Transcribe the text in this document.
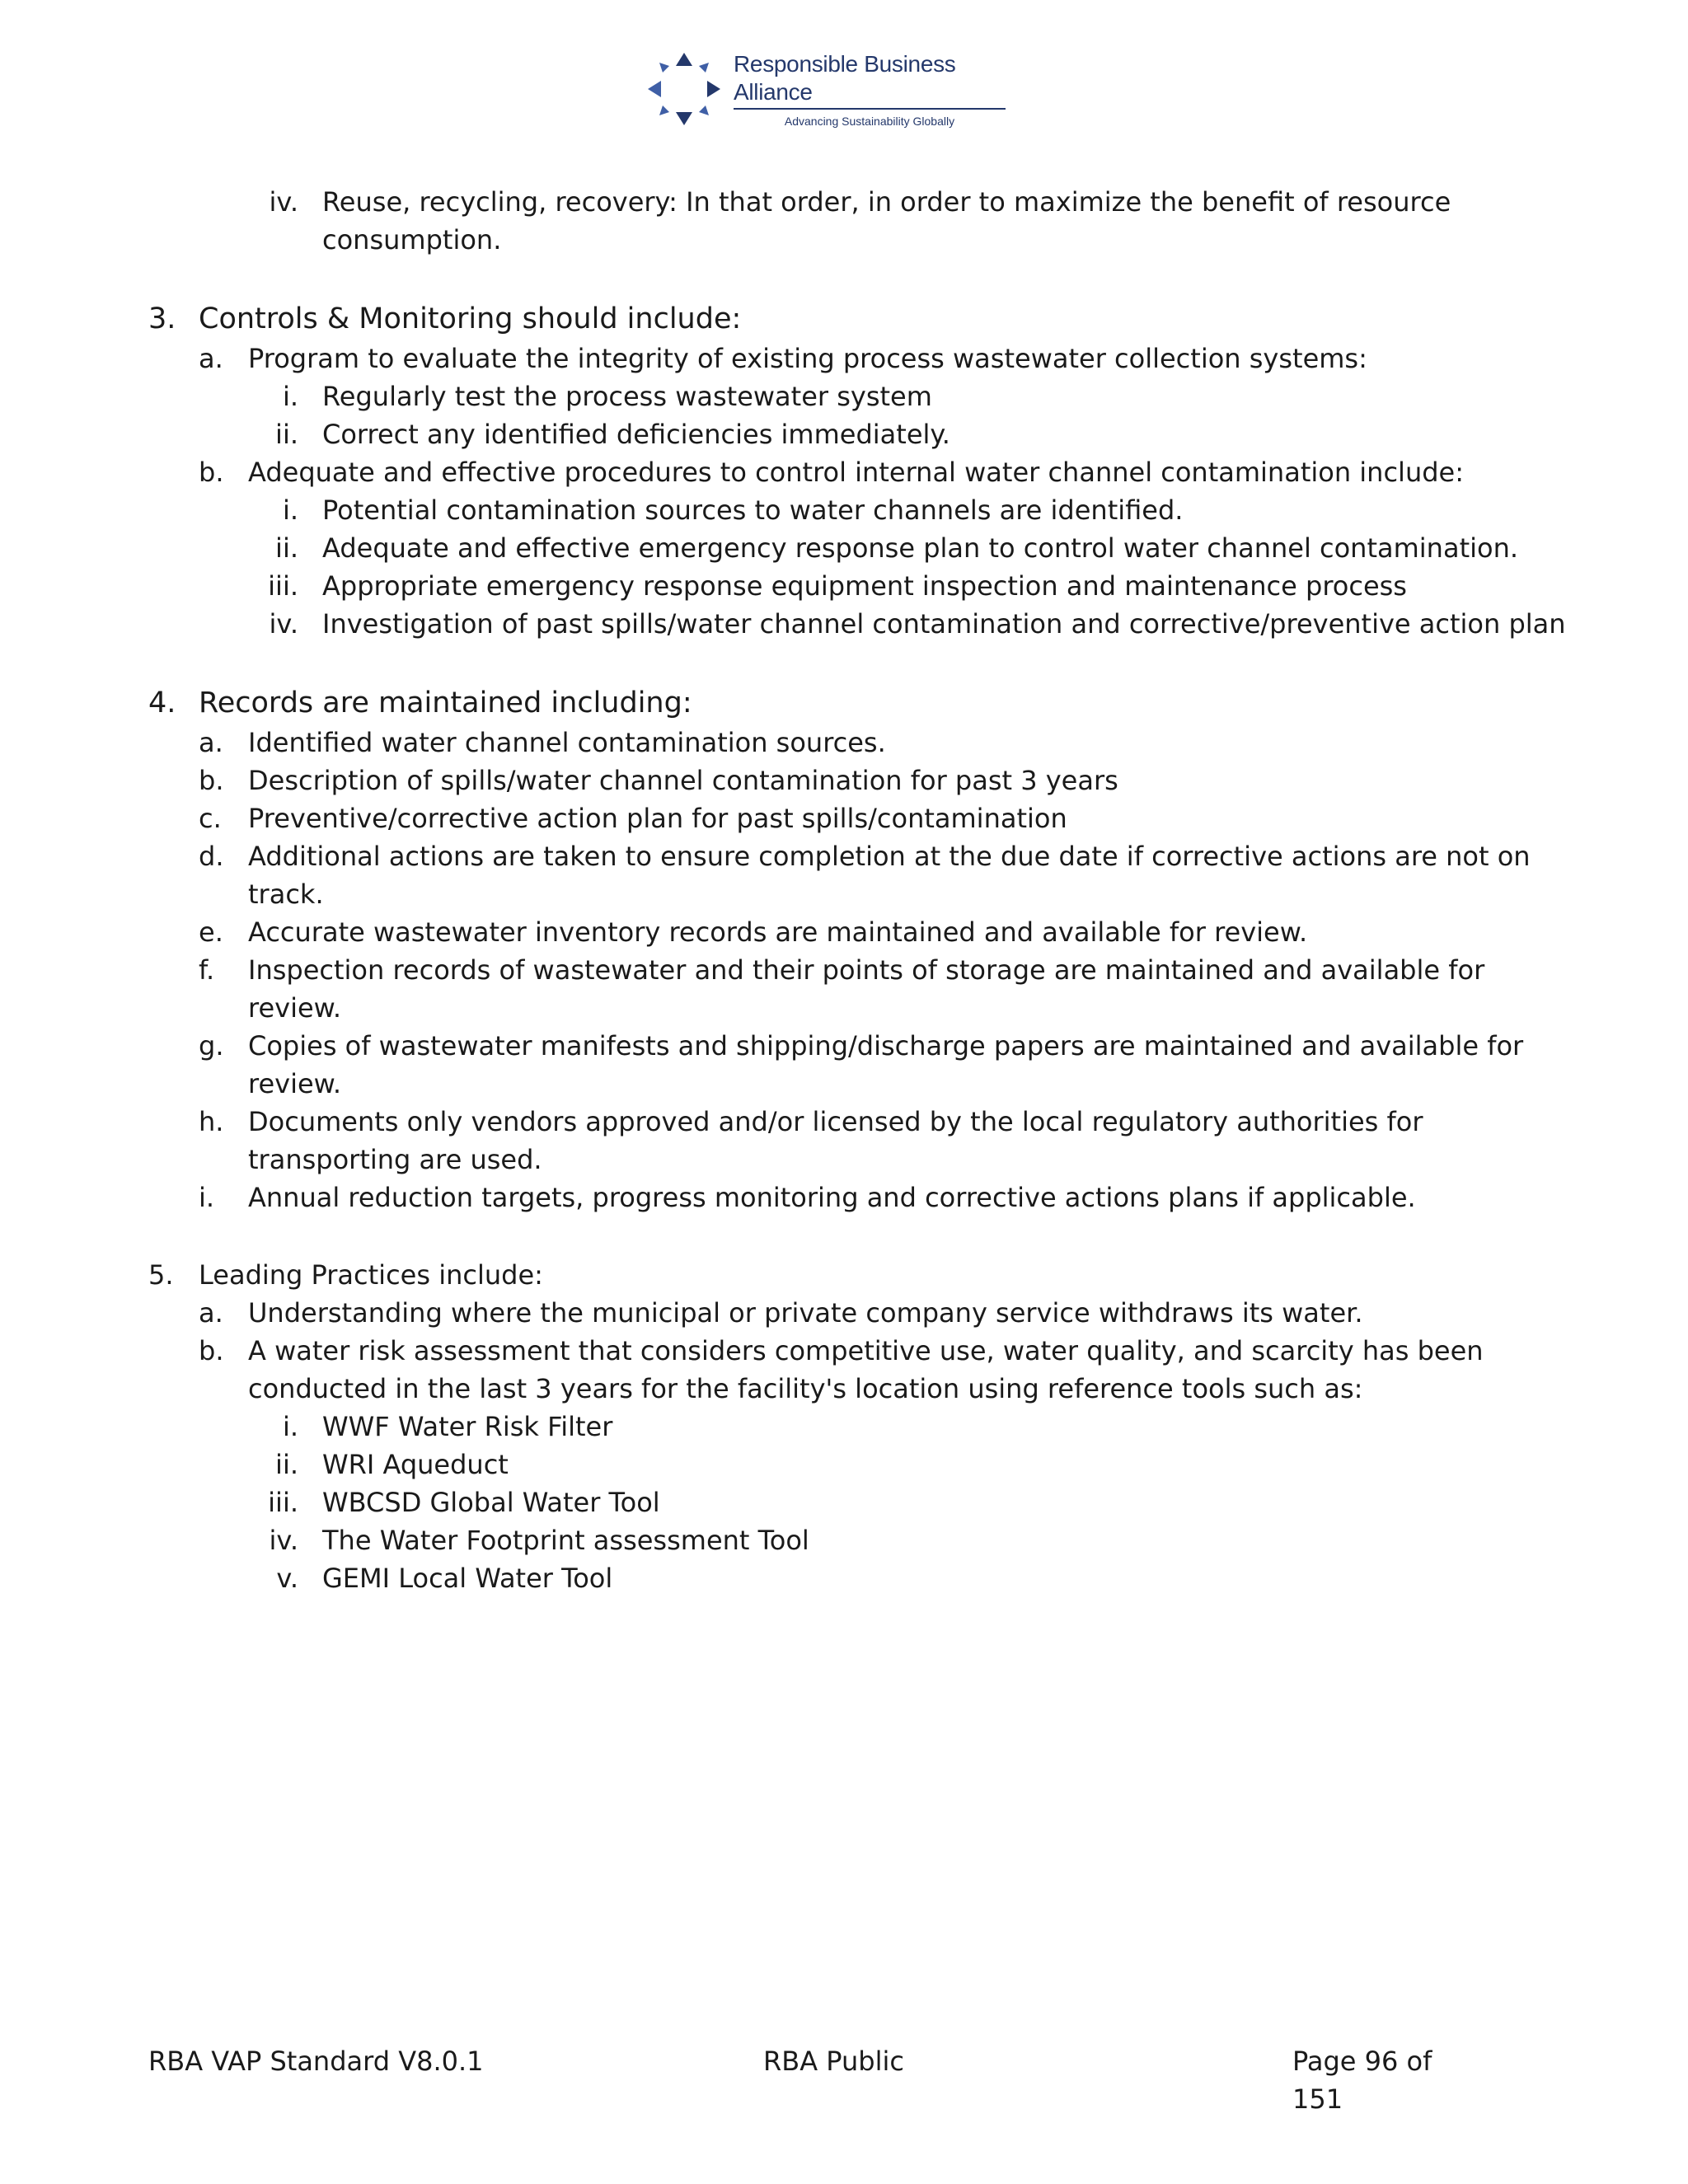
Responsible Business Alliance
Advancing Sustainability Globally
iv. Reuse, recycling, recovery: In that order, in order to maximize the benefit of resource
consumption.
3. Controls & Monitoring should include:
a. Program to evaluate the integrity of existing process wastewater collection systems:
i. Regularly test the process wastewater system
ii. Correct any identified deficiencies immediately.
b. Adequate and effective procedures to control internal water channel contamination include:
i. Potential contamination sources to water channels are identified.
ii. Adequate and effective emergency response plan to control water channel contamination.
iii. Appropriate emergency response equipment inspection and maintenance process
iv. Investigation of past spills/water channel contamination and corrective/preventive action plan
4. Records are maintained including:
a. Identified water channel contamination sources.
b. Description of spills/water channel contamination for past 3 years
c. Preventive/corrective action plan for past spills/contamination
d. Additional actions are taken to ensure completion at the due date if corrective actions are not on
track.
e. Accurate wastewater inventory records are maintained and available for review.
f.	Inspection records of wastewater and their points of storage are maintained and available for
review.
g. Copies of wastewater manifests and shipping/discharge papers are maintained and available for
review.
h. Documents only vendors approved and/or licensed by the local regulatory authorities for
transporting are used.
i.	Annual reduction targets, progress monitoring and corrective actions plans if applicable.
5. Leading Practices include:
a. Understanding where the municipal or private company service withdraws its water.
b. A water risk assessment that considers competitive use, water quality, and scarcity has been
conducted in the last 3 years for the facility's location using reference tools such as:
i. WWF Water Risk Filter
ii. WRI Aqueduct
iii. WBCSD Global Water Tool
iv. The Water Footprint assessment Tool
v. GEMI Local Water Tool
RBA VAP Standard V8.0.1	RBA Public	Page 96 of 151
